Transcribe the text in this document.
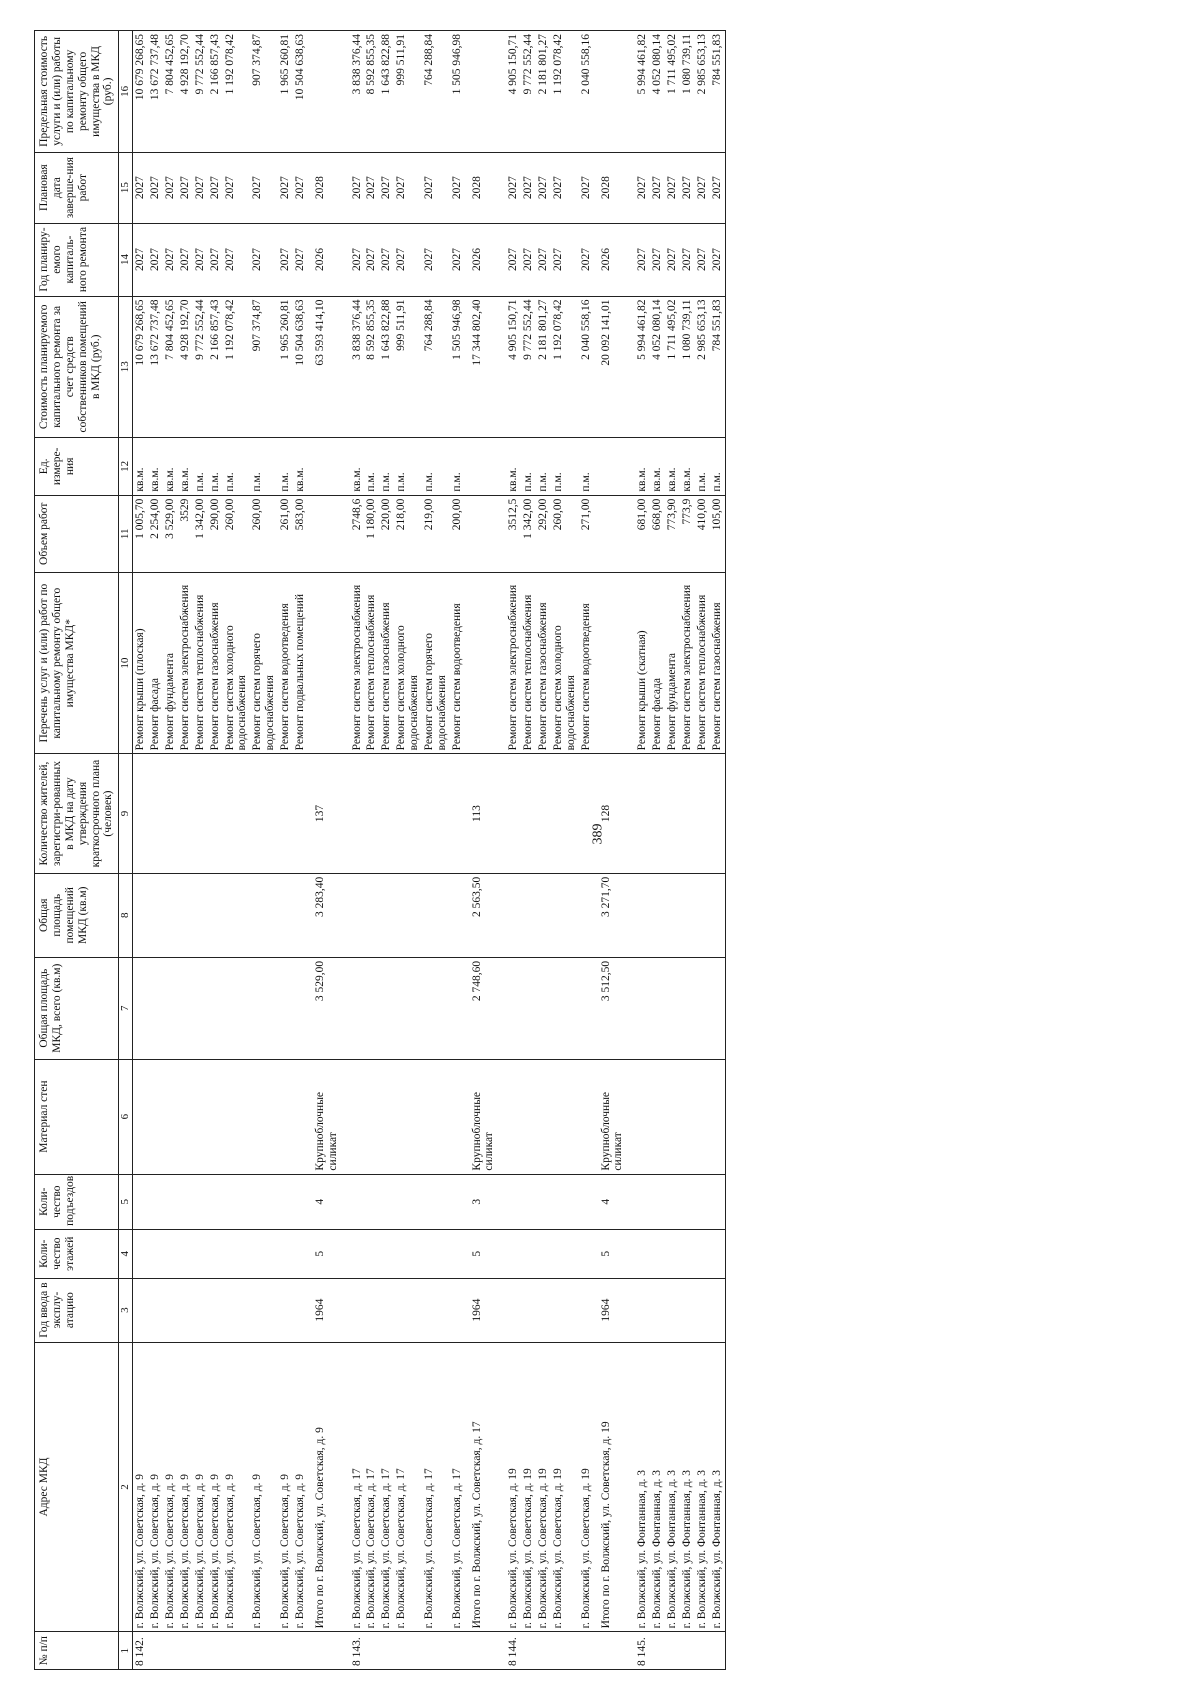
389
№ п/п	Адрес МКД	Год ввода в эксплу-атацию	Коли-чество этажей	Коли-чество подъездов	Материал стен	Общая площадь МКД, всего (кв.м)	Общая площадь помещений МКД (кв.м)	Количество жителей, зарегистри-рованных в МКД на дату утверждения краткосрочного плана (человек)	Перечень услуг и (или) работ по капитальному ремонту общего имущества МКД*	Объем работ	Ед. измере-ния	Стоимость планируемого капитального ремонта за счет средств собственников помещений в МКД (руб.)	Год планиру-емого капиталь-ного ремонта	Плановая дата заверше-ния работ	Предельная стоимость услуги и (или) работы по капитальному ремонту общего имущества в МКД (руб.)
1	2	3	4	5	6	7	8	9	10	11	12	13	14	15	16
8 142.	г. Волжский, ул. Советская, д. 9								Ремонт крыши (плоская)	1 005,70	кв.м.	10 679 268,65	2027	2027	10 679 268,65
	г. Волжский, ул. Советская, д. 9								Ремонт фасада	2 254,00	кв.м.	13 672 737,48	2027	2027	13 672 737,48
	г. Волжский, ул. Советская, д. 9								Ремонт фундамента	3 529,00	кв.м.	7 804 452,65	2027	2027	7 804 452,65
	г. Волжский, ул. Советская, д. 9								Ремонт систем электроснабжения	3529	кв.м.	4 928 192,70	2027	2027	4 928 192,70
	г. Волжский, ул. Советская, д. 9								Ремонт систем теплоснабжения	1 342,00	п.м.	9 772 552,44	2027	2027	9 772 552,44
	г. Волжский, ул. Советская, д. 9								Ремонт систем газоснабжения	290,00	п.м.	2 166 857,43	2027	2027	2 166 857,43
	г. Волжский, ул. Советская, д. 9								Ремонт систем холодного водоснабжения	260,00	п.м.	1 192 078,42	2027	2027	1 192 078,42
	г. Волжский, ул. Советская, д. 9								Ремонт систем горячего водоснабжения	260,00	п.м.	907 374,87	2027	2027	907 374,87
	г. Волжский, ул. Советская, д. 9								Ремонт систем водоотведения	261,00	п.м.	1 965 260,81	2027	2027	1 965 260,81
	г. Волжский, ул. Советская, д. 9								Ремонт подвальных помещений	583,00	кв.м.	10 504 638,63	2027	2027	10 504 638,63
	Итого по г. Волжский, ул. Советская, д. 9	1964	5	4	Крупноблочные силикат	3 529,00	3 283,40	137				63 593 414,10	2026	2028	
8 143.	г. Волжский, ул. Советская, д. 17								Ремонт систем электроснабжения	2748,6	кв.м.	3 838 376,44	2027	2027	3 838 376,44
	г. Волжский, ул. Советская, д. 17								Ремонт систем теплоснабжения	1 180,00	п.м.	8 592 855,35	2027	2027	8 592 855,35
	г. Волжский, ул. Советская, д. 17								Ремонт систем газоснабжения	220,00	п.м.	1 643 822,88	2027	2027	1 643 822,88
	г. Волжский, ул. Советская, д. 17								Ремонт систем холодного водоснабжения	218,00	п.м.	999 511,91	2027	2027	999 511,91
	г. Волжский, ул. Советская, д. 17								Ремонт систем горячего водоснабжения	219,00	п.м.	764 288,84	2027	2027	764 288,84
	г. Волжский, ул. Советская, д. 17								Ремонт систем водоотведения	200,00	п.м.	1 505 946,98	2027	2027	1 505 946,98
	Итого по г. Волжский, ул. Советская, д. 17	1964	5	3	Крупноблочные силикат	2 748,60	2 563,50	113				17 344 802,40	2026	2028	
8 144.	г. Волжский, ул. Советская, д. 19								Ремонт систем электроснабжения	3512,5	кв.м.	4 905 150,71	2027	2027	4 905 150,71
	г. Волжский, ул. Советская, д. 19								Ремонт систем теплоснабжения	1 342,00	п.м.	9 772 552,44	2027	2027	9 772 552,44
	г. Волжский, ул. Советская, д. 19								Ремонт систем газоснабжения	292,00	п.м.	2 181 801,27	2027	2027	2 181 801,27
	г. Волжский, ул. Советская, д. 19								Ремонт систем холодного водоснабжения	260,00	п.м.	1 192 078,42	2027	2027	1 192 078,42
	г. Волжский, ул. Советская, д. 19								Ремонт систем водоотведения	271,00	п.м.	2 040 558,16	2027	2027	2 040 558,16
	Итого по г. Волжский, ул. Советская, д. 19	1964	5	4	Крупноблочные силикат	3 512,50	3 271,70	128				20 092 141,01	2026	2028	
8 145.	г. Волжский, ул. Фонтанная, д. 3								Ремонт крыши (скатная)	681,00	кв.м.	5 994 461,82	2027	2027	5 994 461,82
	г. Волжский, ул. Фонтанная, д. 3								Ремонт фасада	668,00	кв.м.	4 052 080,14	2027	2027	4 052 080,14
	г. Волжский, ул. Фонтанная, д. 3								Ремонт фундамента	773,90	кв.м.	1 711 495,02	2027	2027	1 711 495,02
	г. Волжский, ул. Фонтанная, д. 3								Ремонт систем электроснабжения	773,9	кв.м.	1 080 739,11	2027	2027	1 080 739,11
	г. Волжский, ул. Фонтанная, д. 3								Ремонт систем теплоснабжения	410,00	п.м.	2 985 653,13	2027	2027	2 985 653,13
	г. Волжский, ул. Фонтанная, д. 3								Ремонт систем газоснабжения	105,00	п.м.	784 551,83	2027	2027	784 551,83
